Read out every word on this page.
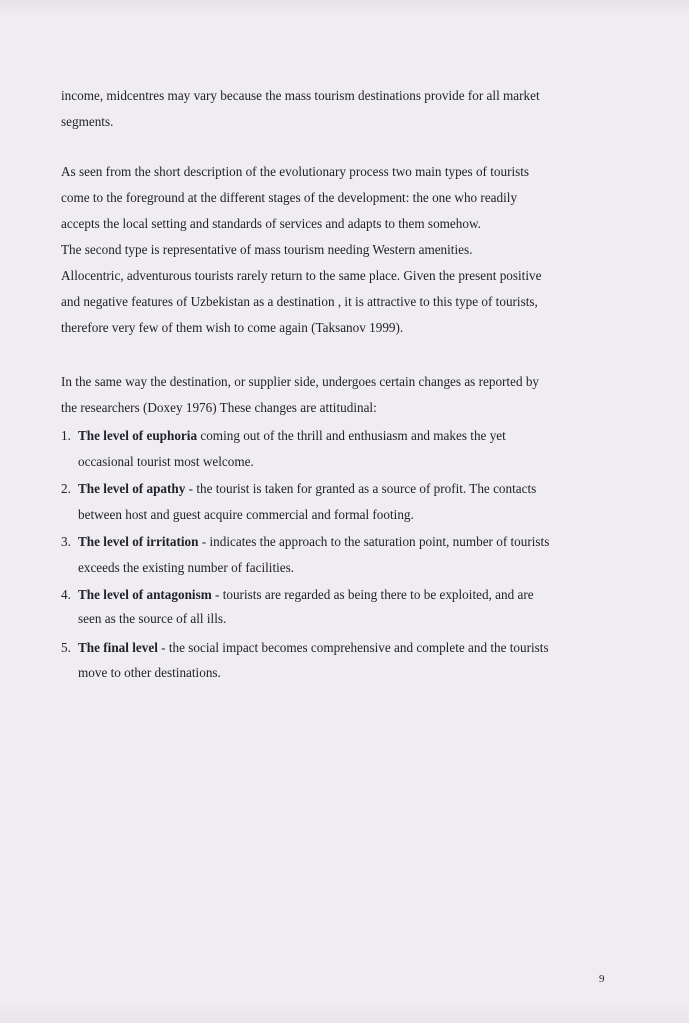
income, midcentres may vary because the mass tourism destinations provide for all market
segments.
As seen from the short description of the evolutionary process two main types of tourists
come to the foreground at the different stages of the development: the one who readily
accepts the local setting and standards of services and adapts to them somehow.
The second type is representative of mass tourism needing Western amenities.
Allocentric, adventurous tourists rarely return to the same place. Given the present positive
and negative features of Uzbekistan as a destination , it is attractive to this type of tourists,
therefore very few of them wish to come again (Taksanov 1999).
In the same way the destination, or supplier side, undergoes certain changes as reported by
the researchers (Doxey 1976) These changes are attitudinal:
1. The level of euphoria coming out of the thrill and enthusiasm and makes the yet
occasional tourist most welcome.
2. The level of apathy - the tourist is taken for granted as a source of profit. The contacts
between host and guest acquire commercial and formal footing.
3. The level of irritation - indicates the approach to the saturation point, number of tourists
exceeds the existing number of facilities.
4. The level of antagonism - tourists are regarded as being there to be exploited, and are
seen as the source of all ills.
5. The final level - the social impact becomes comprehensive and complete and the tourists
move to other destinations.
9
